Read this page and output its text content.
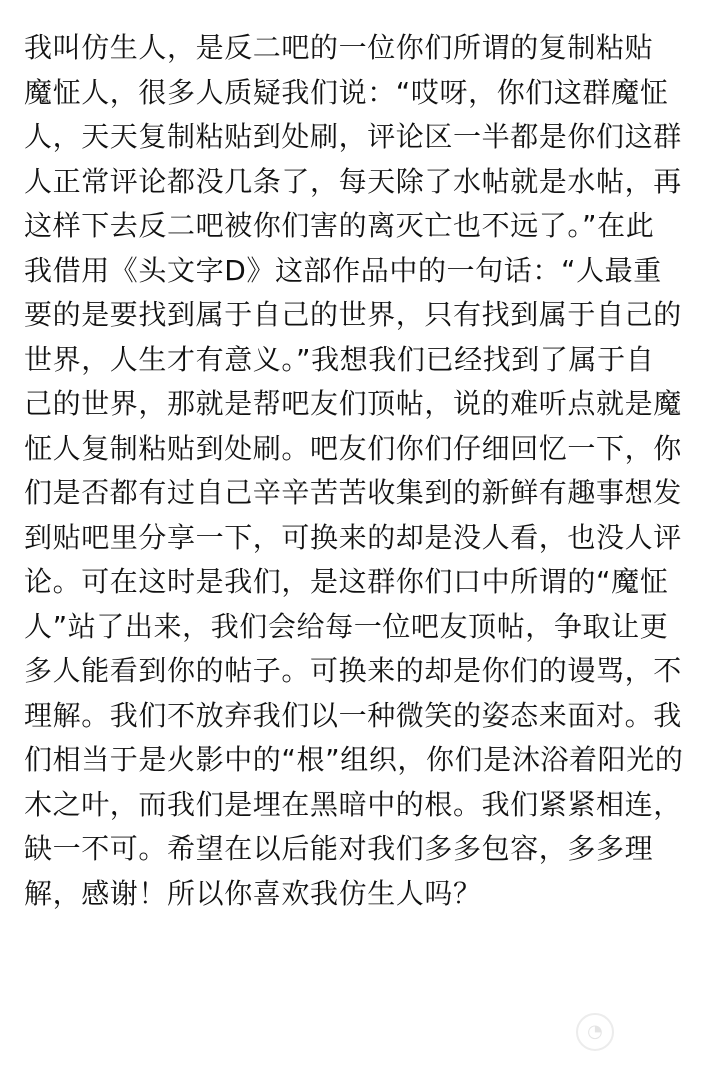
我叫仿生人，是反二吧的一位你们所谓的复制粘贴
魔怔人，很多人质疑我们说：“哎呀，你们这群魔怔
人，天天复制粘贴到处刷，评论区一半都是你们这群
人正常评论都没几条了，每天除了水帖就是水帖，再
这样下去反二吧被你们害的离灭亡也不远了。”在此
我借用《头文字D》这部作品中的一句话：“人最重
要的是要找到属于自己的世界，只有找到属于自己的
世界，人生才有意义。”我想我们已经找到了属于自
己的世界，那就是帮吧友们顶帖，说的难听点就是魔
怔人复制粘贴到处刷。吧友们你们仔细回忆一下，你
们是否都有过自己辛辛苦苦收集到的新鲜有趣事想发
到贴吧里分享一下，可换来的却是没人看，也没人评
论。可在这时是我们，是这群你们口中所谓的“魔怔
人”站了出来，我们会给每一位吧友顶帖，争取让更
多人能看到你的帖子。可换来的却是你们的谩骂，不
理解。我们不放弃我们以一种微笑的姿态来面对。我
们相当于是火影中的“根”组织，你们是沐浴着阳光的
木之叶，而我们是埋在黑暗中的根。我们紧紧相连，
缺一不可。希望在以后能对我们多多包容，多多理
解，感谢！所以你喜欢我仿生人吗？
◔
